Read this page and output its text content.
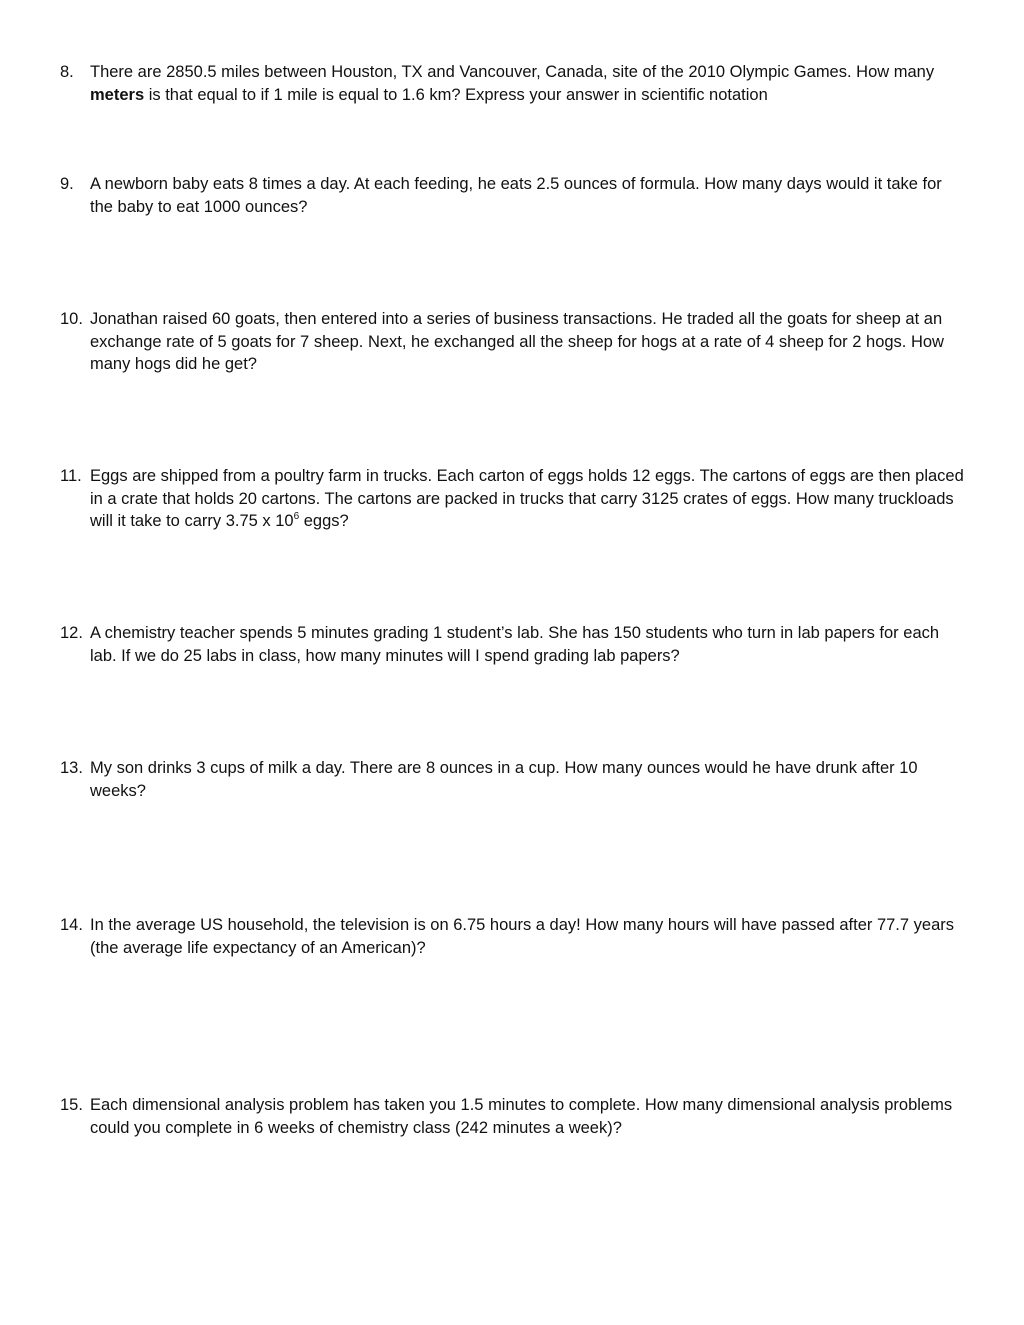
8. There are 2850.5 miles between Houston, TX and Vancouver, Canada, site of the 2010 Olympic Games. How many meters is that equal to if 1 mile is equal to 1.6 km? Express your answer in scientific notation
9. A newborn baby eats 8 times a day. At each feeding, he eats 2.5 ounces of formula. How many days would it take for the baby to eat 1000 ounces?
10. Jonathan raised 60 goats, then entered into a series of business transactions. He traded all the goats for sheep at an exchange rate of 5 goats for 7 sheep. Next, he exchanged all the sheep for hogs at a rate of 4 sheep for 2 hogs. How many hogs did he get?
11. Eggs are shipped from a poultry farm in trucks. Each carton of eggs holds 12 eggs. The cartons of eggs are then placed in a crate that holds 20 cartons. The cartons are packed in trucks that carry 3125 crates of eggs. How many truckloads will it take to carry 3.75 x $10^6$ eggs?
12. A chemistry teacher spends 5 minutes grading 1 student’s lab. She has 150 students who turn in lab papers for each lab. If we do 25 labs in class, how many minutes will I spend grading lab papers?
13. My son drinks 3 cups of milk a day. There are 8 ounces in a cup. How many ounces would he have drunk after 10 weeks?
14. In the average US household, the television is on 6.75 hours a day! How many hours will have passed after 77.7 years (the average life expectancy of an American)?
15. Each dimensional analysis problem has taken you 1.5 minutes to complete. How many dimensional analysis problems could you complete in 6 weeks of chemistry class (242 minutes a week)?
